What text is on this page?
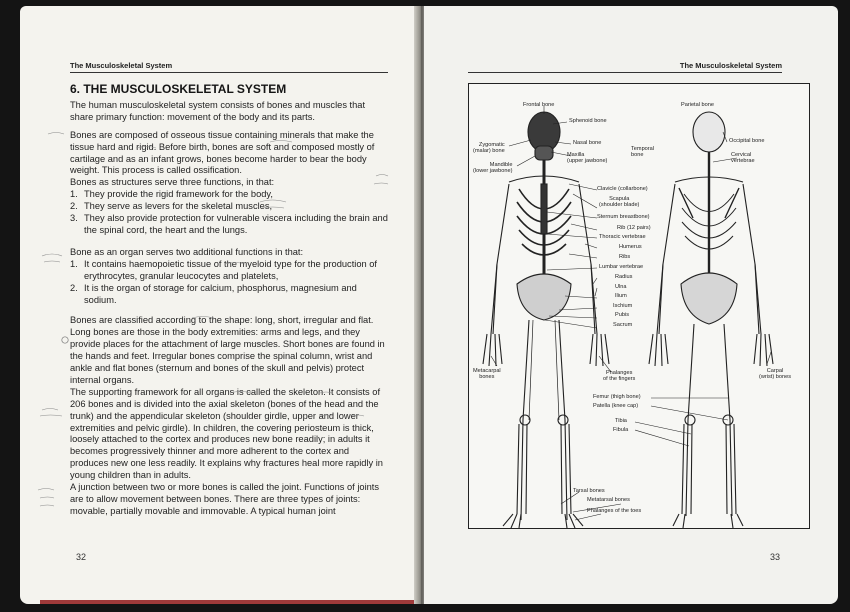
The Musculoskeletal System
6. THE MUSCULOSKELETAL SYSTEM

The human musculoskeletal system consists of bones and muscles that share primary function: movement of the body and its parts.

Bones are composed of osseous tissue containing minerals that make the tissue hard and rigid. Before birth, bones are soft and composed mostly of cartilage and as an infant grows, bones become harder to bear the body weight. This process is called ossification.

Bones as structures serve three functions, in that:

1. They provide the rigid framework for the body,
2. They serve as levers for the skeletal muscles,
3. They also provide protection for vulnerable viscera including the brain and the spinal cord, the heart and the lungs.

Bone as an organ serves two additional functions in that:

1. It contains haemopoietic tissue of the myeloid type for the production of erythrocytes, granular leucocytes and platelets,
2. It is the organ of storage for calcium, phosphorus, magnesium and sodium.

Bones are classified according to the shape: long, short, irregular and flat. Long bones are those in the body extremities: arms and legs, and they provide places for the attachment of large muscles. Short bones are found in the hands and feet. Irregular bones comprise the spinal column, wrist and ankle and flat bones (sternum and bones of the skull and pelvis) protect internal organs.

The supporting framework for all organs is called the skeleton. It consists of 206 bones and is divided into the axial skeleton (bones of the head and the trunk) and the appendicular skeleton (shoulder girdle, upper and lower extremities and pelvic girdle). In children, the covering periosteum is thick, loosely attached to the cortex and produces new bone readily; in adults it becomes progressively thinner and more adherent to the cortex and produces new one less readily. It explains why fractures heal more rapidly in young children than in adults.

A junction between two or more bones is called the joint. Functions of joints are to allow movement between bones. There are three types of joints: movable, partially movable and immovable. A typical human joint

32
The Musculoskeletal System
Frontal bone
Sphenoid bone
Parietal bone
Zygomatic
(malar) bone
Nasal bone
Maxilla
(upper jawbone)
Temporal
bone
Occipital bone
Cervical
vertebrae
Mandible
(lower jawbone)
Clavicle (collarbone)
Scapula
(shoulder blade)
Sternum breastbone)
Rib (12 pairs)
Thoracic vertebrae
Humerus
Ribs
Lumbar vertebrae
Radius
Ulna
Ilium
Ischium
Pubis
Sacrum
Metacarpal
bones
Phalanges
of the fingers
Carpal
(wrist) bones
Femur (thigh bone)
Patella (knee cap)
Tibia
Fibula
Tarsal bones
Metatarsal bones
Phalanges of the toes
33
